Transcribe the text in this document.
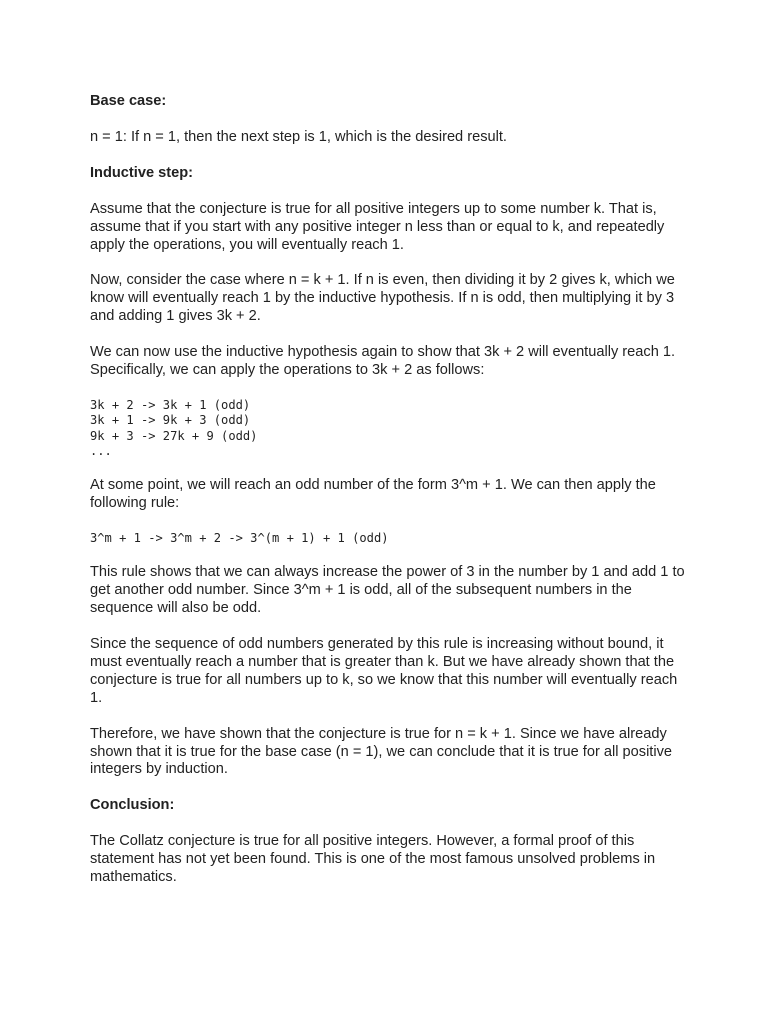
Base case:

n = 1: If n = 1, then the next step is 1, which is the desired result.

Inductive step:

Assume that the conjecture is true for all positive integers up to some number k. That is, assume that if you start with any positive integer n less than or equal to k, and repeatedly apply the operations, you will eventually reach 1.

Now, consider the case where n = k + 1. If n is even, then dividing it by 2 gives k, which we know will eventually reach 1 by the inductive hypothesis. If n is odd, then multiplying it by 3 and adding 1 gives 3k + 2.

We can now use the inductive hypothesis again to show that 3k + 2 will eventually reach 1. Specifically, we can apply the operations to 3k + 2 as follows:

3k + 2 -> 3k + 1 (odd)
3k + 1 -> 9k + 3 (odd)
9k + 3 -> 27k + 9 (odd)
...

At some point, we will reach an odd number of the form 3^m + 1. We can then apply the following rule:

3^m + 1 -> 3^m + 2 -> 3^(m + 1) + 1 (odd)

This rule shows that we can always increase the power of 3 in the number by 1 and add 1 to get another odd number. Since 3^m + 1 is odd, all of the subsequent numbers in the sequence will also be odd.

Since the sequence of odd numbers generated by this rule is increasing without bound, it must eventually reach a number that is greater than k. But we have already shown that the conjecture is true for all numbers up to k, so we know that this number will eventually reach 1.

Therefore, we have shown that the conjecture is true for n = k + 1. Since we have already shown that it is true for the base case (n = 1), we can conclude that it is true for all positive integers by induction.

Conclusion:

The Collatz conjecture is true for all positive integers. However, a formal proof of this statement has not yet been found. This is one of the most famous unsolved problems in mathematics.
